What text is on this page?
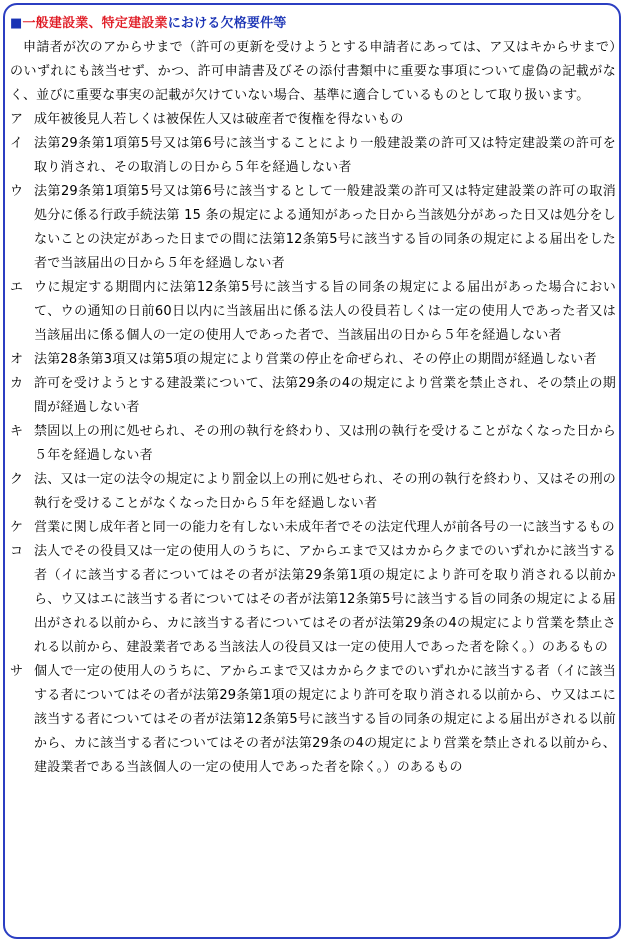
■一般建設業、特定建設業における欠格要件等

申請者が次のアからサまで（許可の更新を受けようとする申請者にあっては、ア又はキからサまで）のいずれにも該当せず、かつ、許可申請書及びその添付書類中に重要な事項について虚偽の記載がなく、並びに重要な事実の記載が欠けていない場合、基準に適合しているものとして取り扱います。

ア 成年被後見人若しくは被保佐人又は破産者で復権を得ないもの
イ 法第29条第1項第5号又は第6号に該当することにより一般建設業の許可又は特定建設業の許可を取り消され、その取消しの日から５年を経過しない者
ウ 法第29条第1項第5号又は第6号に該当するとして一般建設業の許可又は特定建設業の許可の取消処分に係る行政手続法第 15 条の規定による通知があった日から当該処分があった日又は処分をしないことの決定があった日までの間に法第12条第5号に該当する旨の同条の規定による届出をした者で当該届出の日から５年を経過しない者
エ ウに規定する期間内に法第12条第5号に該当する旨の同条の規定による届出があった場合において、ウの通知の日前60日以内に当該届出に係る法人の役員若しくは一定の使用人であった者又は当該届出に係る個人の一定の使用人であった者で、当該届出の日から５年を経過しない者
オ 法第28条第3項又は第5項の規定により営業の停止を命ぜられ、その停止の期間が経過しない者
カ 許可を受けようとする建設業について、法第29条の4の規定により営業を禁止され、その禁止の期間が経過しない者
キ 禁固以上の刑に処せられ、その刑の執行を終わり、又は刑の執行を受けることがなくなった日から５年を経過しない者
ク 法、又は一定の法令の規定により罰金以上の刑に処せられ、その刑の執行を終わり、又はその刑の執行を受けることがなくなった日から５年を経過しない者
ケ 営業に関し成年者と同一の能力を有しない未成年者でその法定代理人が前各号の一に該当するもの
コ 法人でその役員又は一定の使用人のうちに、アからエまで又はカからクまでのいずれかに該当する者（イに該当する者についてはその者が法第29条第1項の規定により許可を取り消される以前から、ウ又はエに該当する者についてはその者が法第12条第5号に該当する旨の同条の規定による届出がされる以前から、カに該当する者についてはその者が法第29条の4の規定により営業を禁止される以前から、建設業者である当該法人の役員又は一定の使用人であった者を除く。）のあるもの
サ 個人で一定の使用人のうちに、アからエまで又はカからクまでのいずれかに該当する者（イに該当する者についてはその者が法第29条第1項の規定により許可を取り消される以前から、ウ又はエに該当する者についてはその者が法第12条第5号に該当する旨の同条の規定による届出がされる以前から、カに該当する者についてはその者が法第29条の4の規定により営業を禁止される以前から、建設業者である当該個人の一定の使用人であった者を除く。）のあるもの
